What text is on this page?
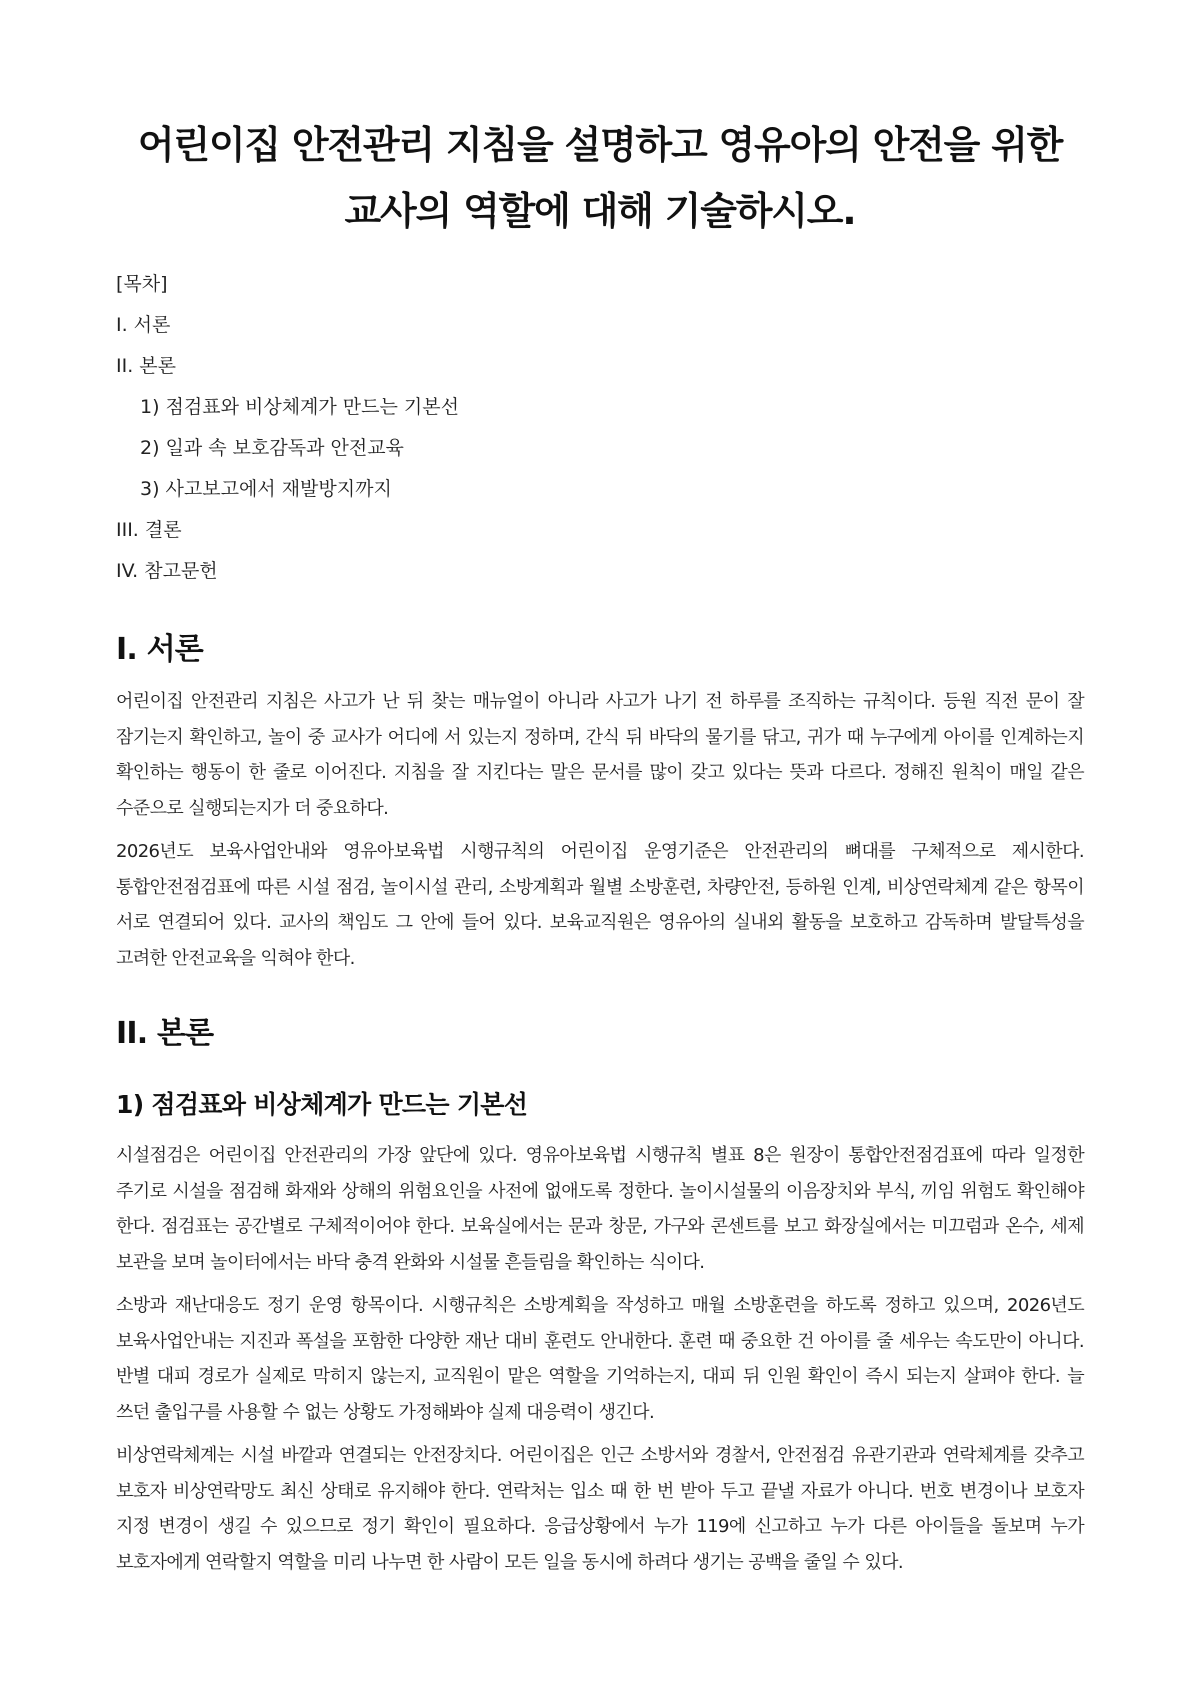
어린이집 안전관리 지침을 설명하고 영유아의 안전을 위한 교사의 역할에 대해 기술하시오.
[목차]
I. 서론
II. 본론
1) 점검표와 비상체계가 만드는 기본선
2) 일과 속 보호감독과 안전교육
3) 사고보고에서 재발방지까지
III. 결론
IV. 참고문헌
I. 서론

어린이집 안전관리 지침은 사고가 난 뒤 찾는 매뉴얼이 아니라 사고가 나기 전 하루를 조직하는 규칙이다. 등원 직전 문이 잘 잠기는지 확인하고, 놀이 중 교사가 어디에 서 있는지 정하며, 간식 뒤 바닥의 물기를 닦고, 귀가 때 누구에게 아이를 인계하는지 확인하는 행동이 한 줄로 이어진다. 지침을 잘 지킨다는 말은 문서를 많이 갖고 있다는 뜻과 다르다. 정해진 원칙이 매일 같은 수준으로 실행되는지가 더 중요하다.

2026년도 보육사업안내와 영유아보육법 시행규칙의 어린이집 운영기준은 안전관리의 뼈대를 구체적으로 제시한다. 통합안전점검표에 따른 시설 점검, 놀이시설 관리, 소방계획과 월별 소방훈련, 차량안전, 등하원 인계, 비상연락체계 같은 항목이 서로 연결되어 있다. 교사의 책임도 그 안에 들어 있다. 보육교직원은 영유아의 실내외 활동을 보호하고 감독하며 발달특성을 고려한 안전교육을 익혀야 한다.

II. 본론
1) 점검표와 비상체계가 만드는 기본선

시설점검은 어린이집 안전관리의 가장 앞단에 있다. 영유아보육법 시행규칙 별표 8은 원장이 통합안전점검표에 따라 일정한 주기로 시설을 점검해 화재와 상해의 위험요인을 사전에 없애도록 정한다. 놀이시설물의 이음장치와 부식, 끼임 위험도 확인해야 한다. 점검표는 공간별로 구체적이어야 한다. 보육실에서는 문과 창문, 가구와 콘센트를 보고 화장실에서는 미끄럼과 온수, 세제 보관을 보며 놀이터에서는 바닥 충격 완화와 시설물 흔들림을 확인하는 식이다.

소방과 재난대응도 정기 운영 항목이다. 시행규칙은 소방계획을 작성하고 매월 소방훈련을 하도록 정하고 있으며, 2026년도 보육사업안내는 지진과 폭설을 포함한 다양한 재난 대비 훈련도 안내한다. 훈련 때 중요한 건 아이를 줄 세우는 속도만이 아니다. 반별 대피 경로가 실제로 막히지 않는지, 교직원이 맡은 역할을 기억하는지, 대피 뒤 인원 확인이 즉시 되는지 살펴야 한다. 늘 쓰던 출입구를 사용할 수 없는 상황도 가정해봐야 실제 대응력이 생긴다.

비상연락체계는 시설 바깥과 연결되는 안전장치다. 어린이집은 인근 소방서와 경찰서, 안전점검 유관기관과 연락체계를 갖추고 보호자 비상연락망도 최신 상태로 유지해야 한다. 연락처는 입소 때 한 번 받아 두고 끝낼 자료가 아니다. 번호 변경이나 보호자 지정 변경이 생길 수 있으므로 정기 확인이 필요하다. 응급상황에서 누가 119에 신고하고 누가 다른 아이들을 돌보며 누가 보호자에게 연락할지 역할을 미리 나누면 한 사람이 모든 일을 동시에 하려다 생기는 공백을 줄일 수 있다.
